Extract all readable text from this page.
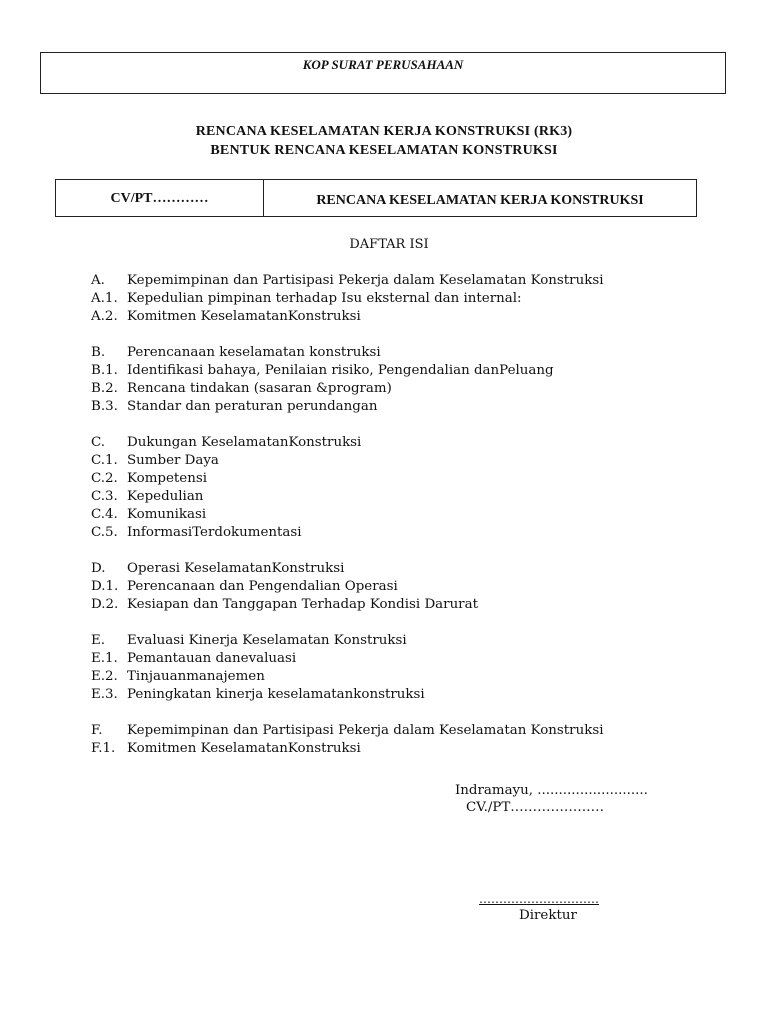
KOP SURAT PERUSAHAAN
RENCANA KESELAMATAN KERJA KONSTRUKSI (RK3)
BENTUK RENCANA KESELAMATAN KONSTRUKSI
CV/PT…………	RENCANA KESELAMATAN KERJA KONSTRUKSI
DAFTAR ISI
A.	Kepemimpinan dan Partisipasi Pekerja dalam Keselamatan Konstruksi
A.1. Kepedulian pimpinan terhadap Isu eksternal dan internal:
A.2. Komitmen KeselamatanKonstruksi
B.	Perencanaan keselamatan konstruksi
B.1. Identifikasi bahaya, Penilaian risiko, Pengendalian danPeluang
B.2. Rencana tindakan (sasaran &program)
B.3. Standar dan peraturan perundangan
C.	Dukungan KeselamatanKonstruksi
C.1. Sumber Daya
C.2. Kompetensi
C.3. Kepedulian
C.4. Komunikasi
C.5. InformasiTerdokumentasi
D.	Operasi KeselamatanKonstruksi
D.1. Perencanaan dan Pengendalian Operasi
D.2. Kesiapan dan Tanggapan Terhadap Kondisi Darurat
E.	Evaluasi Kinerja Keselamatan Konstruksi
E.1. Pemantauan danevaluasi
E.2. Tinjauanmanajemen
E.3. Peningkatan kinerja keselamatankonstruksi
F.	Kepemimpinan dan Partisipasi Pekerja dalam Keselamatan Konstruksi
F.1. Komitmen KeselamatanKonstruksi
Indramayu, ..........................
CV./PT…………………
…………………………
Direktur
